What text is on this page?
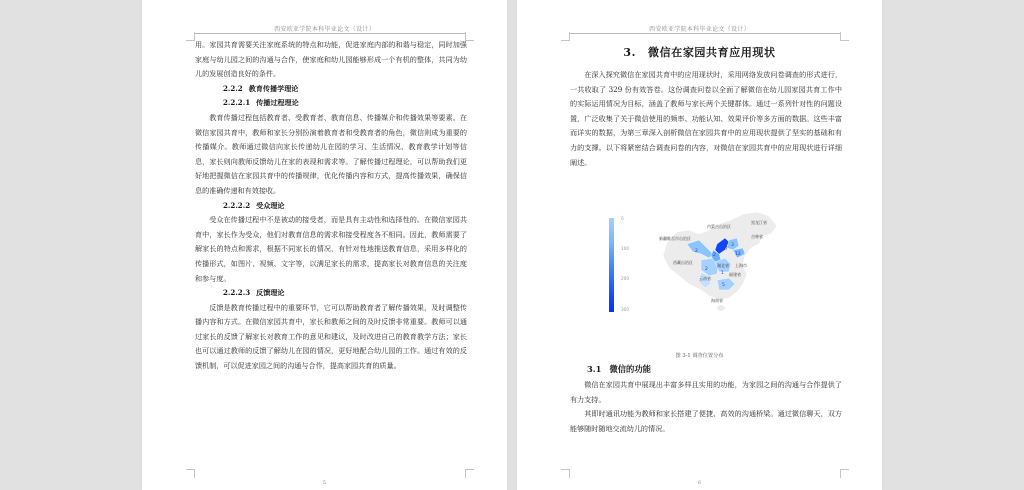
西安欧亚学院本科毕业论文（设计）

用。家园共育需要关注家庭系统的特点和功能，促进家庭内部的和谐与稳定，同时加强家庭与幼儿园之间的沟通与合作，使家庭和幼儿园能够形成一个有机的整体，共同为幼儿的发展创造良好的条件。

2.2.2 教育传播学理论
2.2.2.1 传播过程理论

教育传播过程包括教育者、受教育者、教育信息、传播媒介和传播效果等要素。在微信家园共育中，教师和家长分别扮演着教育者和受教育者的角色，微信则成为重要的传播媒介。教师通过微信向家长传递幼儿在园的学习、生活情况、教育教学计划等信息，家长则向教师反馈幼儿在家的表现和需求等。了解传播过程理论，可以帮助我们更好地把握微信在家园共育中的传播规律，优化传播内容和方式，提高传播效果，确保信息的准确传递和有效接收。

2.2.2.2 受众理论

受众在传播过程中不是被动的接受者，而是具有主动性和选择性的。在微信家园共育中，家长作为受众，他们对教育信息的需求和接受程度各不相同。因此，教师需要了解家长的特点和需求，根据不同家长的情况，有针对性地推送教育信息，采用多样化的传播形式，如图片、视频、文字等，以满足家长的需求，提高家长对教育信息的关注度和参与度。

2.2.2.3 反馈理论

反馈是教育传播过程中的重要环节，它可以帮助教育者了解传播效果，及时调整传播内容和方式。在微信家园共育中，家长和教师之间的及时反馈非常重要。教师可以通过家长的反馈了解家长对教育工作的意见和建议，及时改进自己的教育教学方法；家长也可以通过教师的反馈了解幼儿在园的情况，更好地配合幼儿园的工作。通过有效的反馈机制，可以促进家园之间的沟通与合作，提高家园共育的质量。

5
西安欧亚学院本科毕业论文（设计）
3. 微信在家园共育应用现状

在深入探究微信在家园共育中的应用现状时，采用网络发放问卷调查的形式进行，一共收取了 329 份有效答卷。这份调查问卷以全面了解微信在幼儿园家园共育工作中的实际运用情况为目标，涵盖了教师与家长两个关键群体。通过一系列针对性的问题设置，广泛收集了关于微信使用的频率、功能认知、效果评价等多方面的数据。这些丰富而详实的数据，为第三章深入剖析微信在家园共育中的应用现状提供了坚实的基础和有力的支撑。以下将紧密结合调查问卷的内容，对微信在家园共育中的应用现状进行详细阐述。

0
100
200
300
黑龙江省
内蒙古自治区
吉林省
新疆维吾尔自治区
西藏自治区
湖北省 上海市
云南省
福建省
海南省
287
2
2
2
3
12
1
5
图 3-1 调查位置分布
3.1 微信的功能

微信在家园共育中展现出丰富多样且实用的功能，为家园之间的沟通与合作提供了有力支持。

其即时通讯功能为教师和家长搭建了便捷、高效的沟通桥梁。通过微信聊天，双方能够随时随地交流幼儿的情况。

6
